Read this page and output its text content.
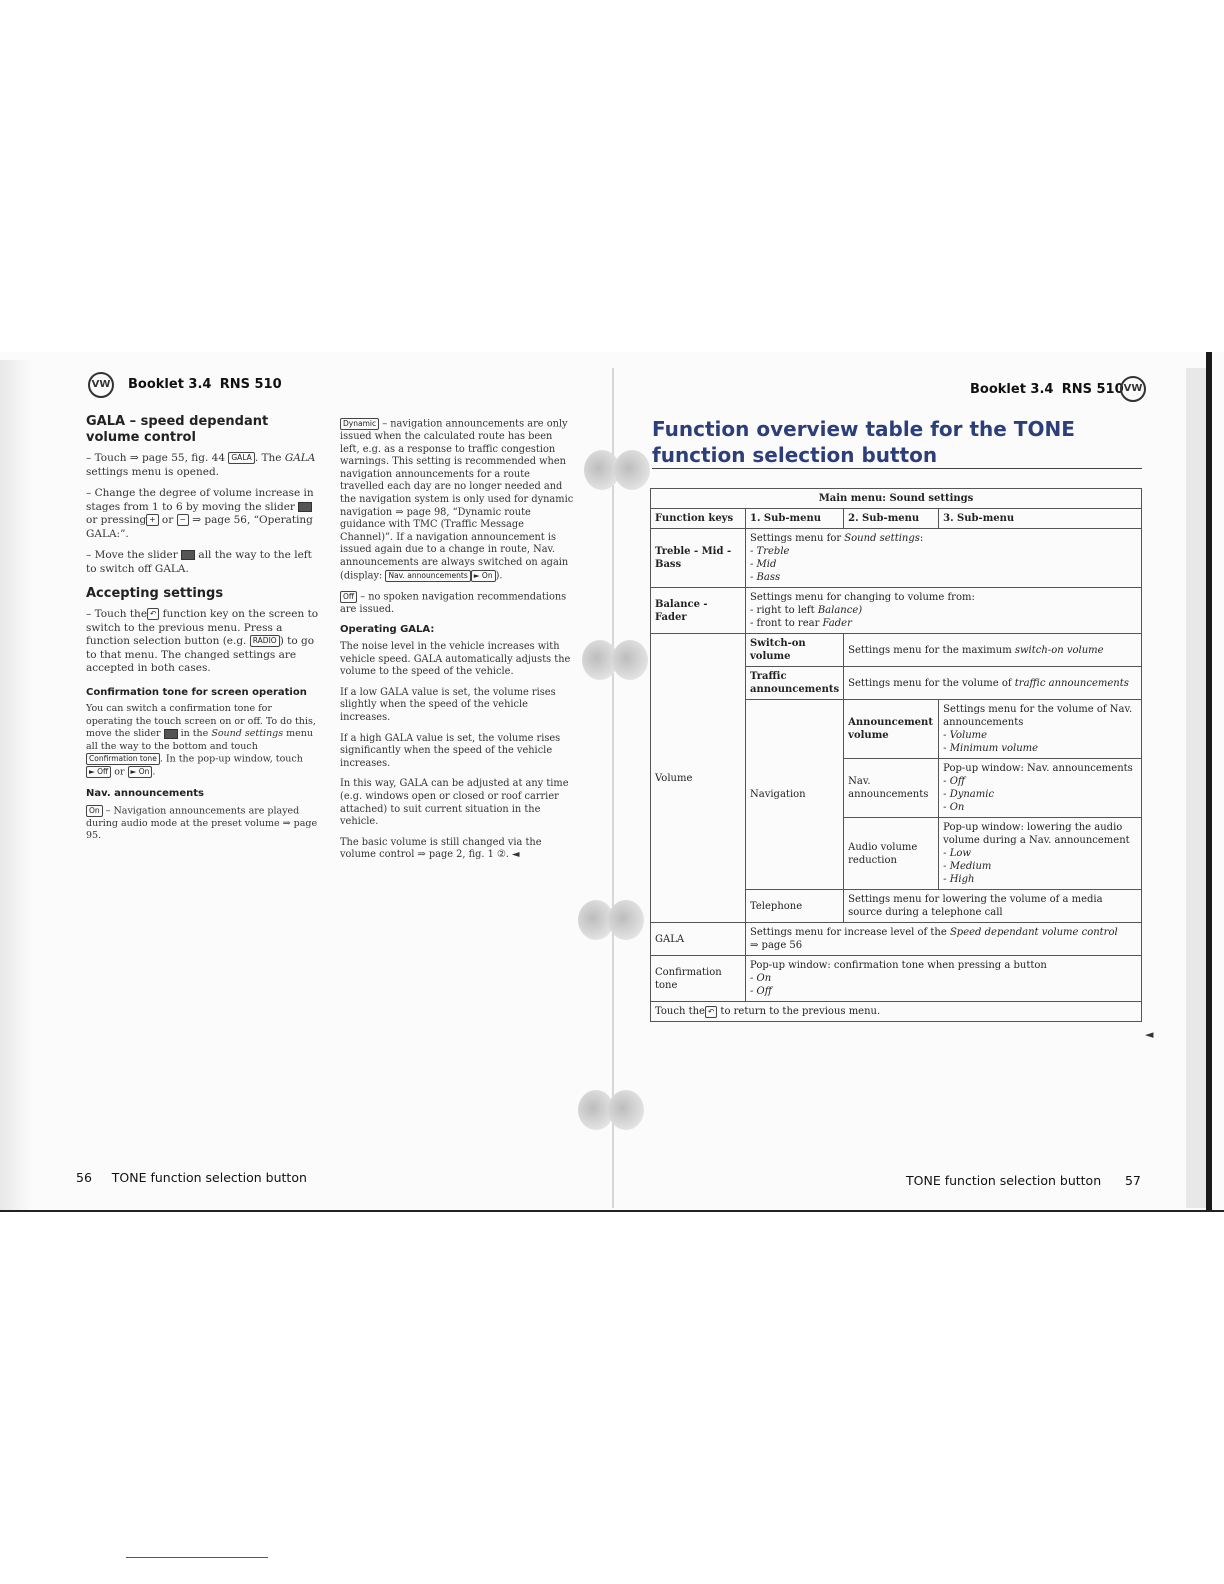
VW Booklet 3.4 RNS 510
GALA – speed dependant volume control

– Touch ⇒ page 55, fig. 44 GALA . The GALA settings menu is opened.

– Change the degree of volume increase in stages from 1 to 6 by moving the slider  or pressing + or − ⇒ page 56, “Operating GALA:”.

– Move the slider  all the way to the left to switch off GALA.

Accepting settings

– Touch the ↶ function key on the screen to switch to the previous menu. Press a function selection button (e.g. RADIO ) to go to that menu. The changed settings are accepted in both cases.

Confirmation tone for screen operation

You can switch a confirmation tone for operating the touch screen on or off. To do this, move the slider  in the Sound settings menu all the way to the bottom and touch Confirmation tone . In the pop-up window, touch ► Off or ► On .

Nav. announcements

On – Navigation announcements are played during audio mode at the preset volume ⇒ page 95.

Dynamic – navigation announcements are only issued when the calculated route has been left, e.g. as a response to traffic congestion warnings. This setting is recommended when navigation announcements for a route travelled each day are no longer needed and the navigation system is only used for dynamic navigation ⇒ page 98, “Dynamic route guidance with TMC (Traffic Message Channel)”. If a navigation announcement is issued again due to a change in route, Nav. announcements are always switched on again (display: Nav. announcements ► On ).

Off – no spoken navigation recommendations are issued.

Operating GALA:

The noise level in the vehicle increases with vehicle speed. GALA automatically adjusts the volume to the speed of the vehicle.

If a low GALA value is set, the volume rises slightly when the speed of the vehicle increases.

If a high GALA value is set, the volume rises significantly when the speed of the vehicle increases.

In this way, GALA can be adjusted at any time (e.g. windows open or closed or roof carrier attached) to suit current situation in the vehicle.

The basic volume is still changed via the volume control ⇒ page 2, fig. 1 ②. ◄

56 TONE function selection button
Booklet 3.4 RNS 510 VW
Function overview table for the TONE function selection button
Main menu: Sound settings			
Function keys	1. Sub-menu	2. Sub-menu	3. Sub-menu
Treble - Mid - Bass	Settings menu for Sound settings:
- Treble
- Mid
- Bass		
Balance - Fader	Settings menu for changing to volume from:
- right to left Balance)
- front to rear Fader		
Volume	Switch-on volume	Settings menu for the maximum switch-on volume	
	Traffic announcements	Settings menu for the volume of traffic announcements	
	Navigation	Announcement volume	Settings menu for the volume of Nav. announcements
- Volume
- Minimum volume
		Nav. announcements	Pop-up window: Nav. announcements
- Off
- Dynamic
- On
		Audio volume reduction	Pop-up window: lowering the audio volume during a Nav. announcement
- Low
- Medium
- High
	Telephone	Settings menu for lowering the volume of a media source during a telephone call	
GALA	Settings menu for increase level of the Speed dependant volume control
⇒ page 56		
Confirmation tone	Pop-up window: confirmation tone when pressing a button
- On
- Off		
Touch the ↶ to return to the previous menu.			
◄
TONE function selection button 57
